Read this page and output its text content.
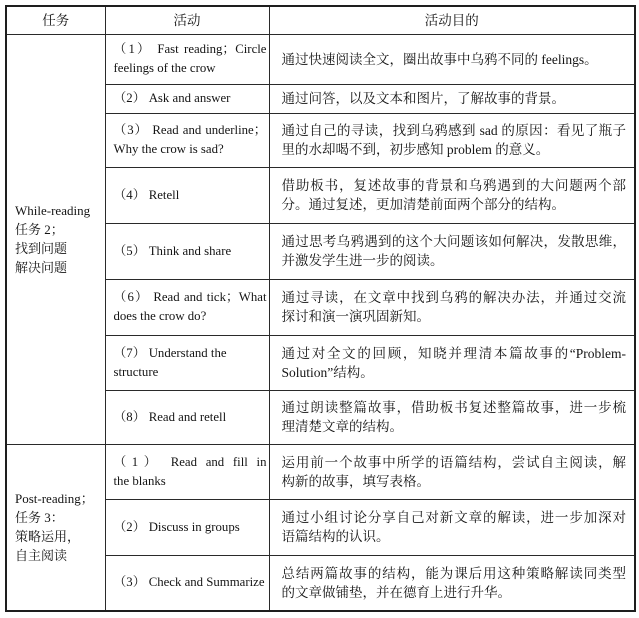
任务	活动	活动目的

While-reading
任务 2；
找到问题
解决问题	（1） Fast reading；Circle
feelings of the crow	通过快速阅读全文，圈出故事中乌鸦不同的 feelings。

	（2） Ask and answer	通过问答，以及文本和图片，了解故事的背景。

	（3） Read and underline；
Why the crow is sad?	通过自己的寻读，找到乌鸦感到 sad 的原因：看见了瓶子
里的水却喝不到，初步感知 problem 的意义。

	（4） Retell	借助板书，复述故事的背景和乌鸦遇到的大问题两个部
分。通过复述，更加清楚前面两个部分的结构。

	（5） Think and share	通过思考乌鸦遇到的这个大问题该如何解决，发散思维，
并激发学生进一步的阅读。

	（6） Read and tick；What
does the crow do?	通过寻读，在文章中找到乌鸦的解决办法，并通过交流
探讨和演一演巩固新知。

	（7） Understand the
structure	通过对全文的回顾，知晓并理清本篇故事的“Problem-
Solution”结构。

	（8） Read and retell	通过朗读整篇故事，借助板书复述整篇故事，进一步梳
理清楚文章的结构。

Post-reading；
任务 3：
策略运用，
自主阅读	（1） Read and fill in
the blanks	运用前一个故事中所学的语篇结构，尝试自主阅读，解
构新的故事，填写表格。

	（2） Discuss in groups	通过小组讨论分享自己对新文章的解读，进一步加深对
语篇结构的认识。

	（3） Check and Summarize	总结两篇故事的结构，能为课后用这种策略解读同类型
的文章做铺垫，并在德育上进行升华。
